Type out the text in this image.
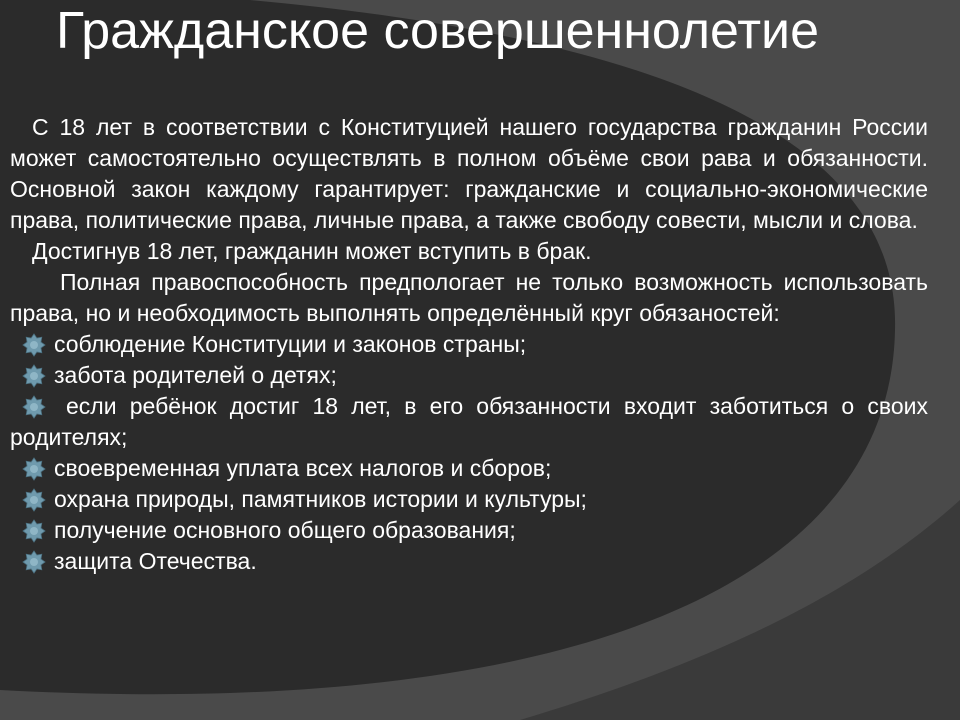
Гражданское совершеннолетие

С 18 лет в соответствии с Конституцией нашего государства гражданин России может самостоятельно осуществлять в полном объёме свои рава и обязанности. Основной закон каждому гарантирует: гражданские и социально-экономические права, политические права, личные права, а также свободу совести, мысли и слова.

Достигнув 18 лет, гражданин может вступить в брак.

Полная правоспособность предпологает не только возможность использовать права, но и необходимость выполнять определённый круг обязаностей:

соблюдение Конституции и законов страны;
забота родителей о детях;
если ребёнок достиг 18 лет, в его обязанности входит заботиться о своих родителях;
своевременная уплата всех налогов и сборов;
охрана природы, памятников истории и культуры;
получение основного общего образования;
защита Отечества.
